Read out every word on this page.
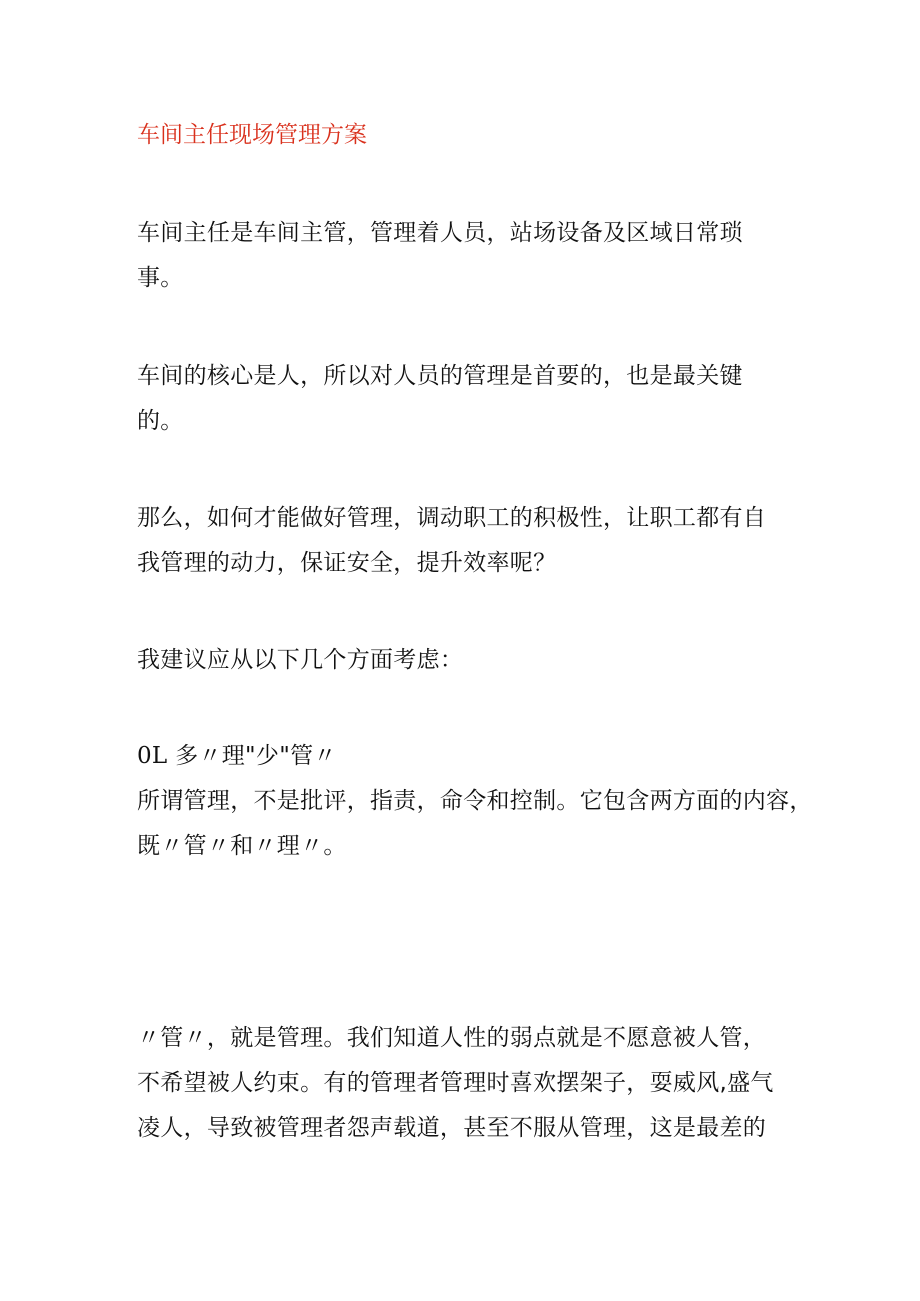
车间主任现场管理方案
车间主任是车间主管，管理着人员，站场设备及区域日常琐
事。
车间的核心是人，所以对人员的管理是首要的，也是最关键
的。
那么，如何才能做好管理，调动职工的积极性，让职工都有自
我管理的动力，保证安全，提升效率呢？
我建议应从以下几个方面考虑：
0L 多〃理"少"管〃
所谓管理，不是批评，指责，命令和控制。它包含两方面的内容，
既〃管〃和〃理〃。
〃管〃，就是管理。我们知道人性的弱点就是不愿意被人管，
不希望被人约束。有的管理者管理时喜欢摆架子，耍威风,盛气
凌人，导致被管理者怨声载道，甚至不服从管理，这是最差的
